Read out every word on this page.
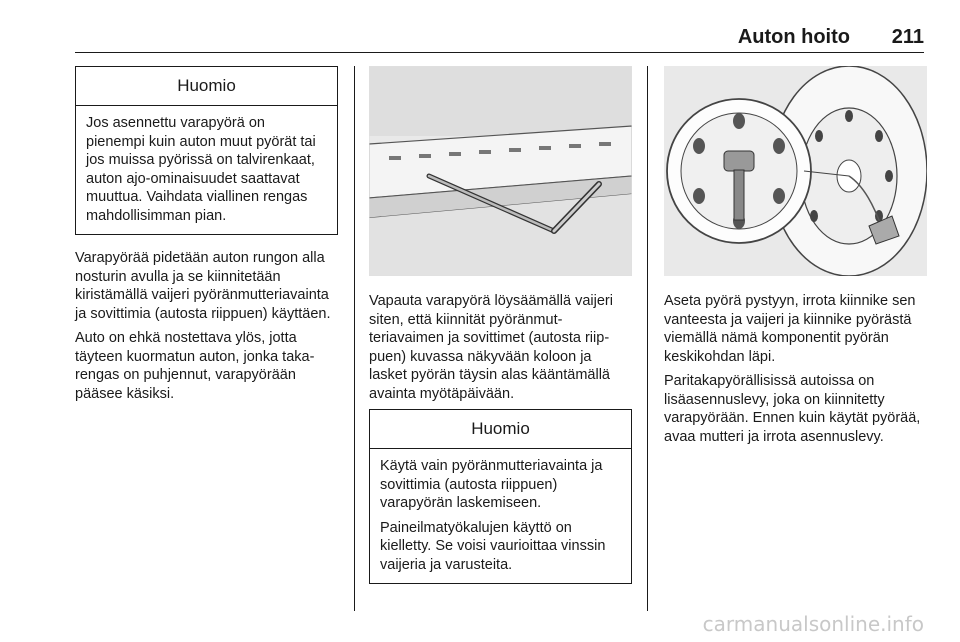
Auton hoito 211
Huomio

Jos asennettu varapyörä on pienempi kuin auton muut pyörät tai jos muissa pyörissä on talvirenkaat, auton ajo-ominaisuudet saattavat muuttua. Vaihdata viallinen rengas mahdollisimman pian.

Varapyörää pidetään auton rungon alla nosturin avulla ja se kiinnitetään kiristämällä vaijeri pyöränmutteriavainta ja sovittimia (autosta riippuen) käyttäen.

Auto on ehkä nostettava ylös, jotta täyteen kuormatun auton, jonka takarengas on puhjennut, varapyörään pääsee käsiksi.

Vapauta varapyörä löysäämällä vaijeri siten, että kiinnität pyöränmutteriavaimen ja sovittimet (autosta riippuen) kuvassa näkyvään koloon ja lasket pyörän täysin alas kääntämällä avainta myötäpäivään.

Huomio

Käytä vain pyöränmutteriavainta ja sovittimia (autosta riippuen) varapyörän laskemiseen.

Paineilmatyökalujen käyttö on kielletty. Se voisi vaurioittaa vinssin vaijeria ja varusteita.

Aseta pyörä pystyyn, irrota kiinnike sen vanteesta ja vaijeri ja kiinnike pyörästä viemällä nämä komponentit pyörän keskikohdan läpi.

Paritakapyörällisissä autoissa on lisäasennuslevy, joka on kiinnitetty varapyörään. Ennen kuin käytät pyörää, avaa mutteri ja irrota asennuslevy.

carmanualsonline.info
